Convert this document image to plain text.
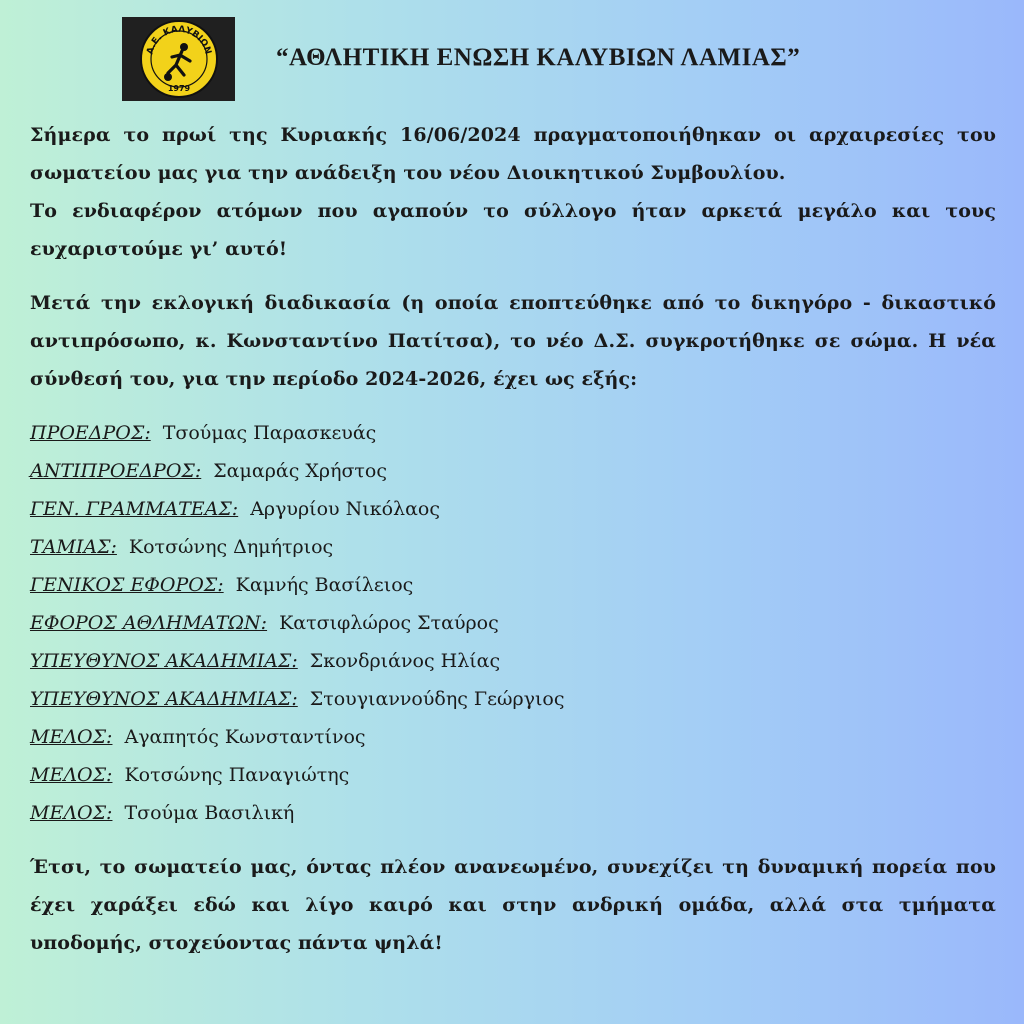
Α.Ε. ΚΑΛΥΒΙΩΝ
1979
“ΑΘΛΗΤΙΚΗ ΕΝΩΣΗ ΚΑΛΥΒΙΩΝ ΛΑΜΙΑΣ”

Σήμερα το πρωί της Κυριακής 16/06/2024 πραγματοποιήθηκαν οι αρχαιρεσίες του σωματείου μας για την ανάδειξη του νέου Διοικητικού Συμβουλίου.

Το ενδιαφέρον ατόμων που αγαπούν το σύλλογο ήταν αρκετά μεγάλο και τους ευχαριστούμε γι’ αυτό!

Μετά την εκλογική διαδικασία (η οποία εποπτεύθηκε από το δικηγόρο - δικαστικό αντιπρόσωπο, κ. Κωνσταντίνο Πατίτσα), το νέο Δ.Σ. συγκροτήθηκε σε σώμα. Η νέα σύνθεσή του, για την περίοδο 2024-2026, έχει ως εξής:

ΠΡΟΕΔΡΟΣ: Τσούμας Παρασκευάς
ΑΝΤΙΠΡΟΕΔΡΟΣ: Σαμαράς Χρήστος
ΓΕΝ. ΓΡΑΜΜΑΤΕΑΣ: Αργυρίου Νικόλαος
ΤΑΜΙΑΣ: Κοτσώνης Δημήτριος
ΓΕΝΙΚΟΣ ΕΦΟΡΟΣ: Καμνής Βασίλειος
ΕΦΟΡΟΣ ΑΘΛΗΜΑΤΩΝ: Κατσιφλώρος Σταύρος
ΥΠΕΥΘΥΝΟΣ ΑΚΑΔΗΜΙΑΣ: Σκονδριάνος Ηλίας
ΥΠΕΥΘΥΝΟΣ ΑΚΑΔΗΜΙΑΣ: Στουγιαννούδης Γεώργιος
ΜΕΛΟΣ: Αγαπητός Κωνσταντίνος
ΜΕΛΟΣ: Κοτσώνης Παναγιώτης
ΜΕΛΟΣ: Τσούμα Βασιλική

Έτσι, το σωματείο μας, όντας πλέον ανανεωμένο, συνεχίζει τη δυναμική πορεία που έχει χαράξει εδώ και λίγο καιρό και στην ανδρική ομάδα, αλλά στα τμήματα υποδομής, στοχεύοντας πάντα ψηλά!
